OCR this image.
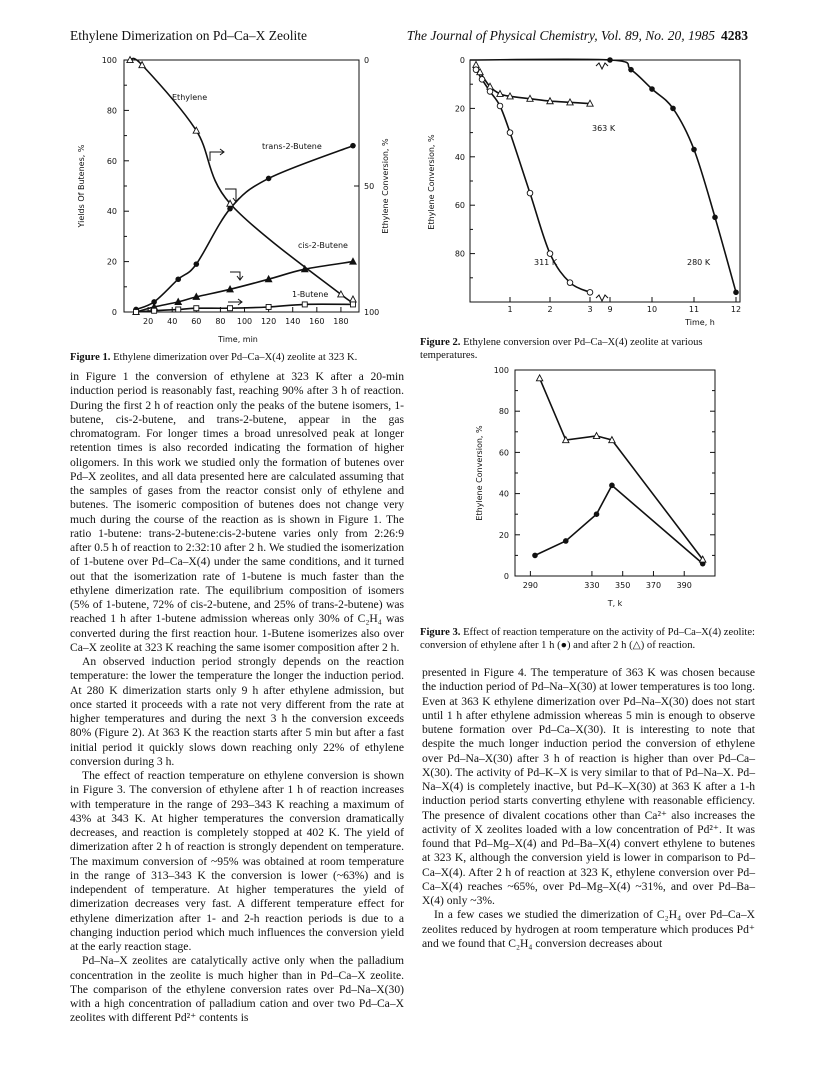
Ethylene Dimerization on Pd–Ca–X Zeolite	The Journal of Physical Chemistry, Vol. 89, No. 20, 1985 4283
20 40 60 80 100 120 140 160 180
0
20
40
60
80
100	0
50
100
Time, min
Yields Of Butenes, %	Ethylene Conversion, %
Ethylene
trans-2-Butene
cis-2-Butene
1-Butene
Figure 1. Ethylene dimerization over Pd–Ca–X(4) zeolite at 323 K.
1	2	3 9	10	11	12
0
20
40
60
80
Time, h
Ethylene Conversion, %
363 K
311 K	280 K
Figure 2. Ethylene conversion over Pd–Ca–X(4) zeolite at various temperatures.
290	330 350 370 390
0
20
40
60
80
100
T, k
Ethylene Conversion, %
Figure 3. Effect of reaction temperature on the activity of Pd–Ca–X(4) zeolite: conversion of ethylene after 1 h (●) and after 2 h (△) of reaction.

in Figure 1 the conversion of ethylene at 323 K after a 20-min induction period is reasonably fast, reaching 90% after 3 h of reaction. During the first 2 h of reaction only the peaks of the butene isomers, 1-butene, cis-2-butene, and trans-2-butene, appear in the gas chromatogram. For longer times a broad unresolved peak at longer retention times is also recorded indicating the formation of higher oligomers. In this work we studied only the formation of butenes over Pd–X zeolites, and all data presented here are calculated assuming that the samples of gases from the reactor consist only of ethylene and butenes. The isomeric composition of butenes does not change very much during the course of the reaction as is shown in Figure 1. The ratio 1-butene: trans-2-butene:cis-2-butene varies only from 2:26:9 after 0.5 h of reaction to 2:32:10 after 2 h. We studied the isomerization of 1-butene over Pd–Ca–X(4) under the same conditions, and it turned out that the isomerization rate of 1-butene is much faster than the ethylene dimerization rate. The equilibrium composition of isomers (5% of 1-butene, 72% of cis-2-butene, and 25% of trans-2-butene) was reached 1 h after 1-butene admission whereas only 30% of C₂H₄ was converted during the first reaction hour. 1-Butene isomerizes also over Ca–X zeolite at 323 K reaching the same isomer composition after 2 h.

An observed induction period strongly depends on the reaction temperature: the lower the temperature the longer the induction period. At 280 K dimerization starts only 9 h after ethylene admission, but once started it proceeds with a rate not very different from the rate at higher temperatures and during the next 3 h the conversion exceeds 80% (Figure 2). At 363 K the reaction starts after 5 min but after a fast initial period it quickly slows down reaching only 22% of ethylene conversion during 3 h.

The effect of reaction temperature on ethylene conversion is shown in Figure 3. The conversion of ethylene after 1 h of reaction increases with temperature in the range of 293–343 K reaching a maximum of 43% at 343 K. At higher temperatures the conversion dramatically decreases, and reaction is completely stopped at 402 K. The yield of dimerization after 2 h of reaction is strongly dependent on temperature. The maximum conversion of ~95% was obtained at room temperature in the range of 313–343 K the conversion is lower (~63%) and is independent of temperature. At higher temperatures the yield of dimerization decreases very fast. A different temperature effect for ethylene dimerization after 1- and 2-h reaction periods is due to a changing induction period which much influences the conversion yield at the early reaction stage.

Pd–Na–X zeolites are catalytically active only when the palladium concentration in the zeolite is much higher than in Pd–Ca–X zeolite. The comparison of the ethylene conversion rates over Pd–Na–X(30) with a high concentration of palladium cation and over two Pd–Ca–X zeolites with different Pd²⁺ contents is

presented in Figure 4. The temperature of 363 K was chosen because the induction period of Pd–Na–X(30) at lower temperatures is too long. Even at 363 K ethylene dimerization over Pd–Na–X(30) does not start until 1 h after ethylene admission whereas 5 min is enough to observe butene formation over Pd–Ca–X(30). It is interesting to note that despite the much longer induction period the conversion of ethylene over Pd–Na–X(30) after 3 h of reaction is higher than over Pd–Ca–X(30). The activity of Pd–K–X is very similar to that of Pd–Na–X. Pd–Na–X(4) is completely inactive, but Pd–K–X(30) at 363 K after a 1-h induction period starts converting ethylene with reasonable efficiency. The presence of divalent cocations other than Ca²⁺ also increases the activity of X zeolites loaded with a low concentration of Pd²⁺. It was found that Pd–Mg–X(4) and Pd–Ba–X(4) convert ethylene to butenes at 323 K, although the conversion yield is lower in comparison to Pd–Ca–X(4). After 2 h of reaction at 323 K, ethylene conversion over Pd–Ca–X(4) reaches ~65%, over Pd–Mg–X(4) ~31%, and over Pd–Ba–X(4) only ~3%.

In a few cases we studied the dimerization of C₂H₄ over Pd–Ca–X zeolites reduced by hydrogen at room temperature which produces Pd⁺ and we found that C₂H₄ conversion decreases about
